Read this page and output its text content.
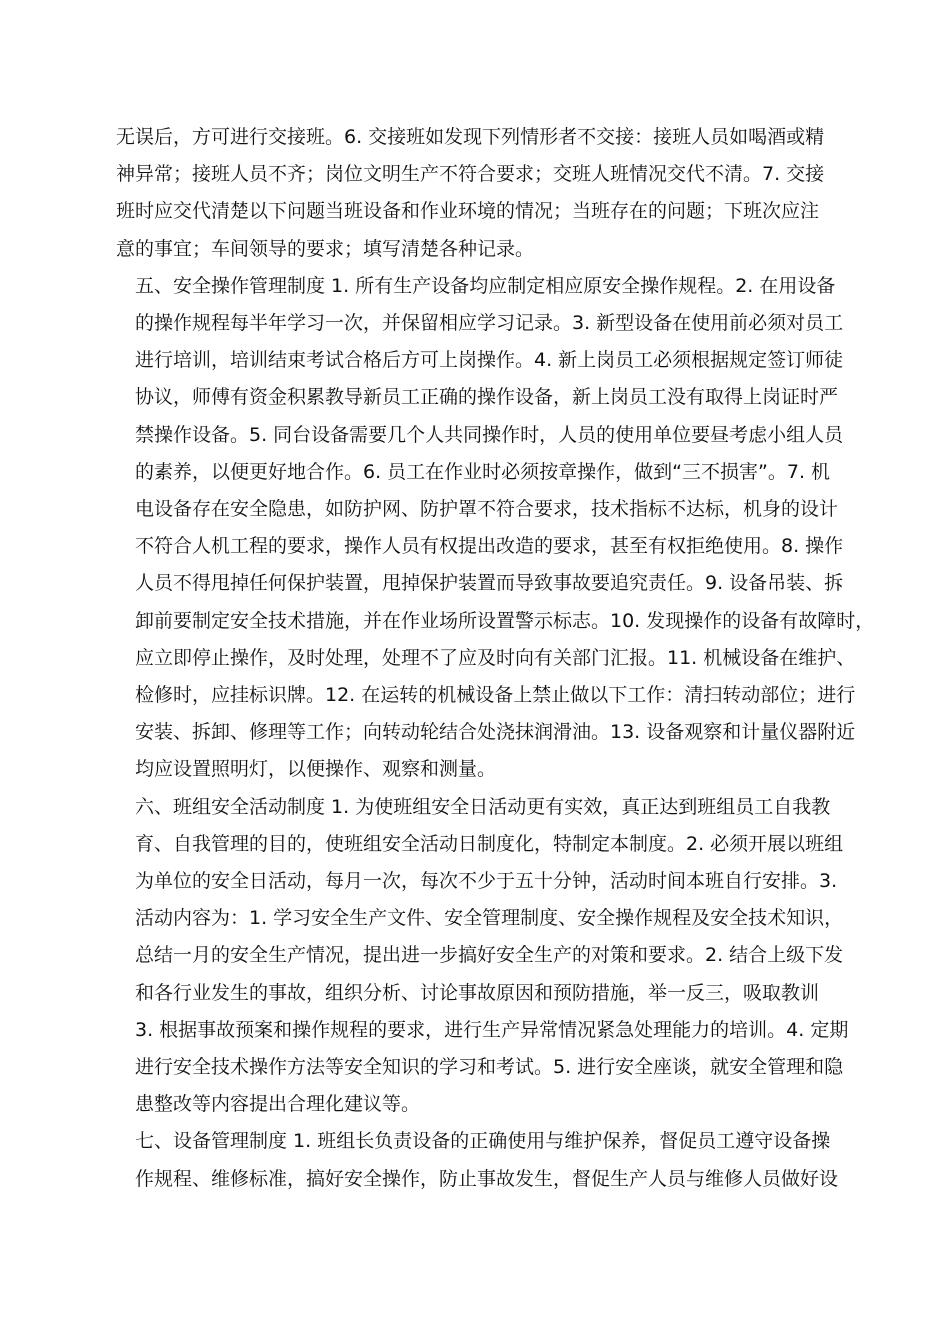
无误后，方可进行交接班。6. 交接班如发现下列情形者不交接：接班人员如喝酒或精
神异常；接班人员不齐；岗位文明生产不符合要求；交班人班情况交代不清。7. 交接
班时应交代清楚以下问题当班设备和作业环境的情况；当班存在的问题；下班次应注
意的事宜；车间领导的要求；填写清楚各种记录。

五、安全操作管理制度 1. 所有生产设备均应制定相应原安全操作规程。2. 在用设备
的操作规程每半年学习一次，并保留相应学习记录。3. 新型设备在使用前必须对员工
进行培训，培训结束考试合格后方可上岗操作。4. 新上岗员工必须根据规定签订师徒
协议，师傅有资金积累教导新员工正确的操作设备，新上岗员工没有取得上岗证时严
禁操作设备。5. 同台设备需要几个人共同操作时，人员的使用单位要昼考虑小组人员
的素养，以便更好地合作。6. 员工在作业时必须按章操作，做到“三不损害”。7. 机
电设备存在安全隐患，如防护网、防护罩不符合要求，技术指标不达标，机身的设计
不符合人机工程的要求，操作人员有权提出改造的要求，甚至有权拒绝使用。8. 操作
人员不得甩掉任何保护装置，甩掉保护装置而导致事故要追究责任。9. 设备吊装、拆
卸前要制定安全技术措施，并在作业场所设置警示标志。10. 发现操作的设备有故障时，
应立即停止操作，及时处理，处理不了应及时向有关部门汇报。11. 机械设备在维护、
检修时，应挂标识牌。12. 在运转的机械设备上禁止做以下工作：清扫转动部位；进行
安装、拆卸、修理等工作；向转动轮结合处浇抹润滑油。13. 设备观察和计量仪器附近
均应设置照明灯，以便操作、观察和测量。

六、班组安全活动制度 1. 为使班组安全日活动更有实效，真正达到班组员工自我教
育、自我管理的目的，使班组安全活动日制度化，特制定本制度。2. 必须开展以班组
为单位的安全日活动，每月一次，每次不少于五十分钟，活动时间本班自行安排。3.
活动内容为：1. 学习安全生产文件、安全管理制度、安全操作规程及安全技术知识，
总结一月的安全生产情况，提出进一步搞好安全生产的对策和要求。2. 结合上级下发
和各行业发生的事故，组织分析、讨论事故原因和预防措施，举一反三，吸取教训
3. 根据事故预案和操作规程的要求，进行生产异常情况紧急处理能力的培训。4. 定期
进行安全技术操作方法等安全知识的学习和考试。5. 进行安全座谈，就安全管理和隐
患整改等内容提出合理化建议等。

七、设备管理制度 1. 班组长负责设备的正确使用与维护保养，督促员工遵守设备操
作规程、维修标准，搞好安全操作，防止事故发生，督促生产人员与维修人员做好设
